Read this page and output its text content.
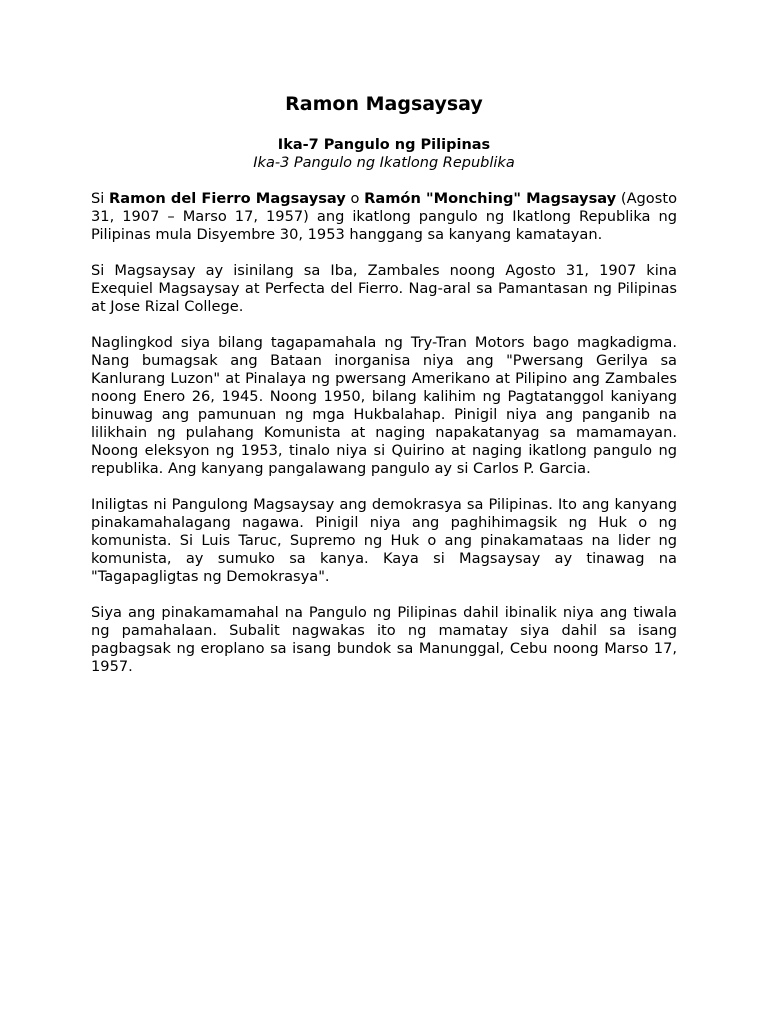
Ramon Magsaysay

Ika-7 Pangulo ng Pilipinas

Ika-3 Pangulo ng Ikatlong Republika

Si Ramon del Fierro Magsaysay o Ramón "Monching" Magsaysay (Agosto 31, 1907 – Marso 17, 1957) ang ikatlong pangulo ng Ikatlong Republika ng Pilipinas mula Disyembre 30, 1953 hanggang sa kanyang kamatayan.

Si Magsaysay ay isinilang sa Iba, Zambales noong Agosto 31, 1907 kina Exequiel Magsaysay at Perfecta del Fierro. Nag-aral sa Pamantasan ng Pilipinas at Jose Rizal College.

Naglingkod siya bilang tagapamahala ng Try-Tran Motors bago magkadigma. Nang bumagsak ang Bataan inorganisa niya ang "Pwersang Gerilya sa Kanlurang Luzon" at Pinalaya ng pwersang Amerikano at Pilipino ang Zambales noong Enero 26, 1945. Noong 1950, bilang kalihim ng Pagtatanggol kaniyang binuwag ang pamunuan ng mga Hukbalahap. Pinigil niya ang panganib na lilikhain ng pulahang Komunista at naging napakatanyag sa mamamayan. Noong eleksyon ng 1953, tinalo niya si Quirino at naging ikatlong pangulo ng republika. Ang kanyang pangalawang pangulo ay si Carlos P. Garcia.

Iniligtas ni Pangulong Magsaysay ang demokrasya sa Pilipinas. Ito ang kanyang pinakamahalagang nagawa. Pinigil niya ang paghihimagsik ng Huk o ng komunista. Si Luis Taruc, Supremo ng Huk o ang pinakamataas na lider ng komunista, ay sumuko sa kanya. Kaya si Magsaysay ay tinawag na "Tagapagligtas ng Demokrasya".

Siya ang pinakamamahal na Pangulo ng Pilipinas dahil ibinalik niya ang tiwala ng pamahalaan. Subalit nagwakas ito ng mamatay siya dahil sa isang pagbagsak ng eroplano sa isang bundok sa Manunggal, Cebu noong Marso 17, 1957.
